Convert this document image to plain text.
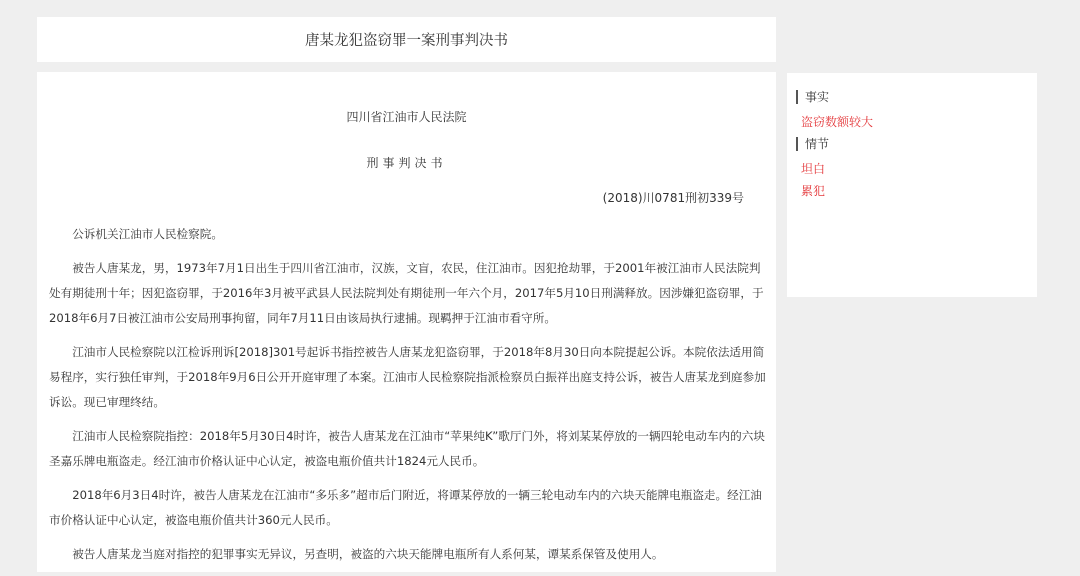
唐某龙犯盗窃罪一案刑事判决书
四川省江油市人民法院
刑事判决书
(2018)川0781刑初339号

公诉机关江油市人民检察院。

被告人唐某龙，男，1973年7月1日出生于四川省江油市，汉族，文盲，农民，住江油市。因犯抢劫罪，于2001年被江油市人民法院判处有期徒刑十年；因犯盗窃罪，于2016年3月被平武县人民法院判处有期徒刑一年六个月，2017年5月10日刑满释放。因涉嫌犯盗窃罪，于2018年6月7日被江油市公安局刑事拘留，同年7月11日由该局执行逮捕。现羁押于江油市看守所。

江油市人民检察院以江检诉刑诉[2018]301号起诉书指控被告人唐某龙犯盗窃罪，于2018年8月30日向本院提起公诉。本院依法适用简易程序，实行独任审判，于2018年9月6日公开开庭审理了本案。江油市人民检察院指派检察员白振祥出庭支持公诉，被告人唐某龙到庭参加诉讼。现已审理终结。

江油市人民检察院指控：2018年5月30日4时许，被告人唐某龙在江油市“苹果纯K”歌厅门外，将刘某某停放的一辆四轮电动车内的六块圣嘉乐牌电瓶盗走。经江油市价格认证中心认定，被盗电瓶价值共计1824元人民币。

2018年6月3日4时许，被告人唐某龙在江油市“多乐多”超市后门附近，将谭某停放的一辆三轮电动车内的六块天能牌电瓶盗走。经江油市价格认证中心认定，被盗电瓶价值共计360元人民币。

被告人唐某龙当庭对指控的犯罪事实无异议，另查明，被盗的六块天能牌电瓶所有人系何某，谭某系保管及使用人。

事实
盗窃数额较大
情节
坦白
累犯
